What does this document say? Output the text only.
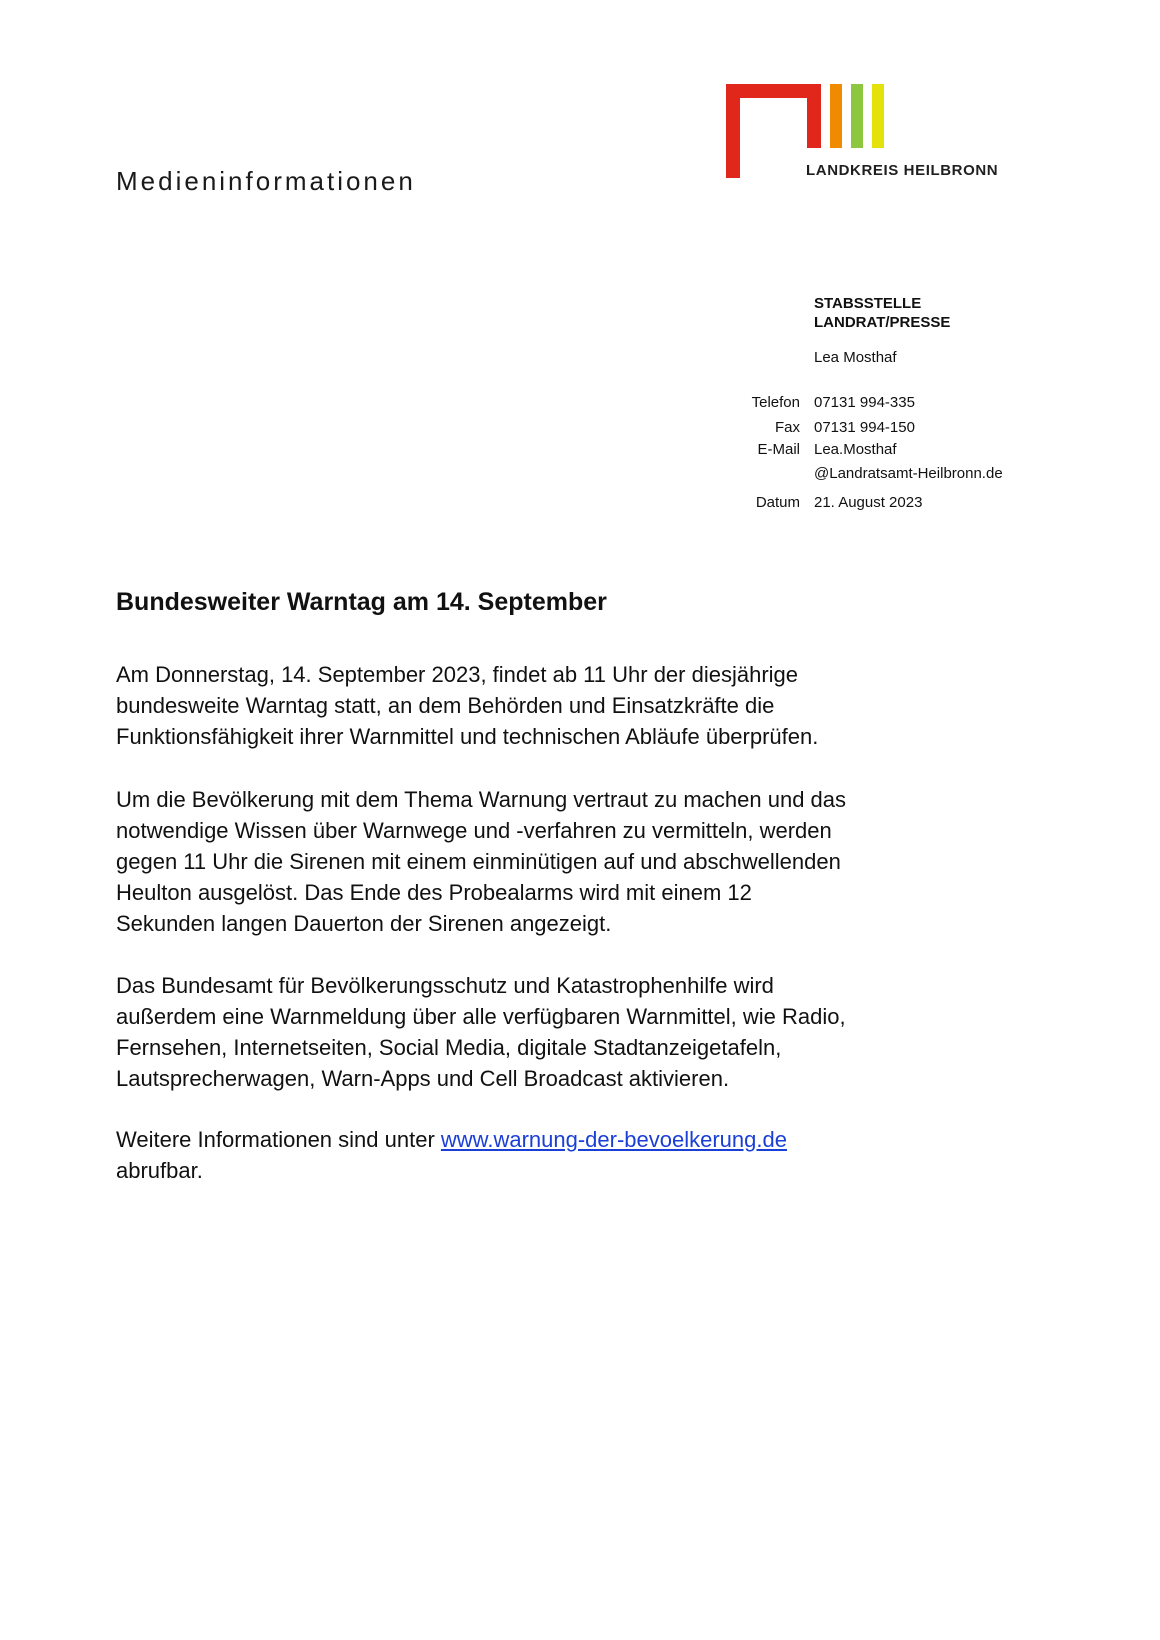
Medieninformationen	LANDKREIS HEILBRONN
STABSSTELLE
LANDRAT/PRESSE
Lea Mosthaf
Telefon 07131 994-335
Fax 07131 994-150
E-Mail Lea.Mosthaf
@Landratsamt-Heilbronn.de
Datum 21. August 2023
Bundesweiter Warntag am 14. September

Am Donnerstag, 14. September 2023, findet ab 11 Uhr der diesjährige

bundesweite Warntag statt, an dem Behörden und Einsatzkräfte die

Funktionsfähigkeit ihrer Warnmittel und technischen Abläufe überprüfen.

Um die Bevölkerung mit dem Thema Warnung vertraut zu machen und das

notwendige Wissen über Warnwege und -verfahren zu vermitteln, werden

gegen 11 Uhr die Sirenen mit einem einminütigen auf und abschwellenden

Heulton ausgelöst. Das Ende des Probealarms wird mit einem 12

Sekunden langen Dauerton der Sirenen angezeigt.

Das Bundesamt für Bevölkerungsschutz und Katastrophenhilfe wird

außerdem eine Warnmeldung über alle verfügbaren Warnmittel, wie Radio,

Fernsehen, Internetseiten, Social Media, digitale Stadtanzeigetafeln,

Lautsprecherwagen, Warn-Apps und Cell Broadcast aktivieren.

Weitere Informationen sind unter www.warnung-der-bevoelkerung.de

abrufbar.
